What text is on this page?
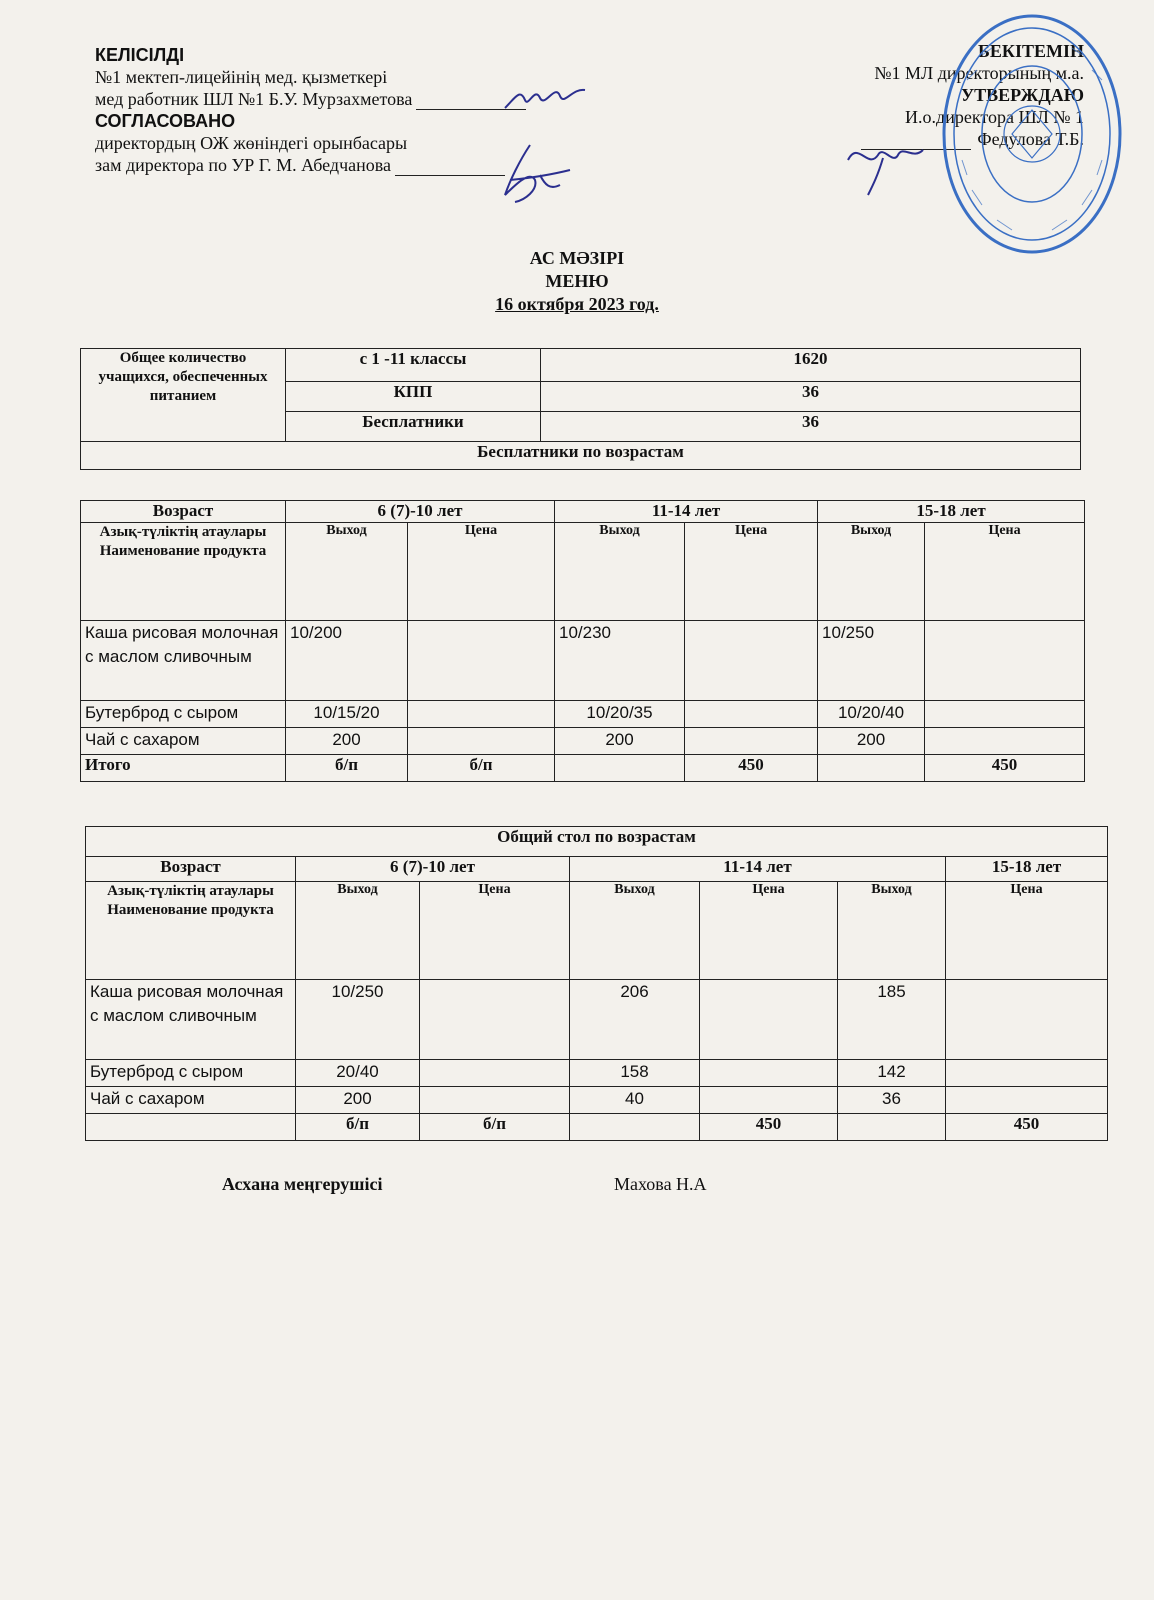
КЕЛІСІЛДІ
№1 мектеп-лицейінің мед. қызметкері
мед работник ШЛ №1 Б.У. Мурзахметова
СОГЛАСОВАНО
директордың ОЖ жөніндегі орынбасары
зам директора по УР Г. М. Абедчанова
БЕКІТЕМІН
№1 МЛ директорының м.а.
УТВЕРЖДАЮ
И.о.директора ШЛ № 1
Федулова Т.Б.
АС МӘЗІРІ
МЕНЮ
16 октября 2023 год.
Общее количество учащихся, обеспеченных питанием	с 1 -11 классы	1620
	КПП	36
	Бесплатники	36
Бесплатники по возрастам		
Возраст	6 (7)-10 лет		11-14 лет		15-18 лет	
Азық-түліктің атаулары Наименование продукта	Выход	Цена	Выход	Цена	Выход	Цена
Каша рисовая молочная с маслом сливочным	10/200		10/230		10/250	
Бутерброд с сыром	10/15/20		10/20/35		10/20/40	
Чай с сахаром	200		200		200	
Итого	б/п	б/п		450		450
Общий стол по возрастам						
Возраст	6 (7)-10 лет		11-14 лет			15-18 лет
Азық-түліктің атаулары Наименование продукта	Выход	Цена	Выход	Цена	Выход	Цена
Каша рисовая молочная с маслом сливочным	10/250		206		185	
Бутерброд с сыром	20/40		158		142	
Чай с сахаром	200		40		36	
	б/п	б/п		450		450
Асхана меңгерушісі	Махова Н.А
